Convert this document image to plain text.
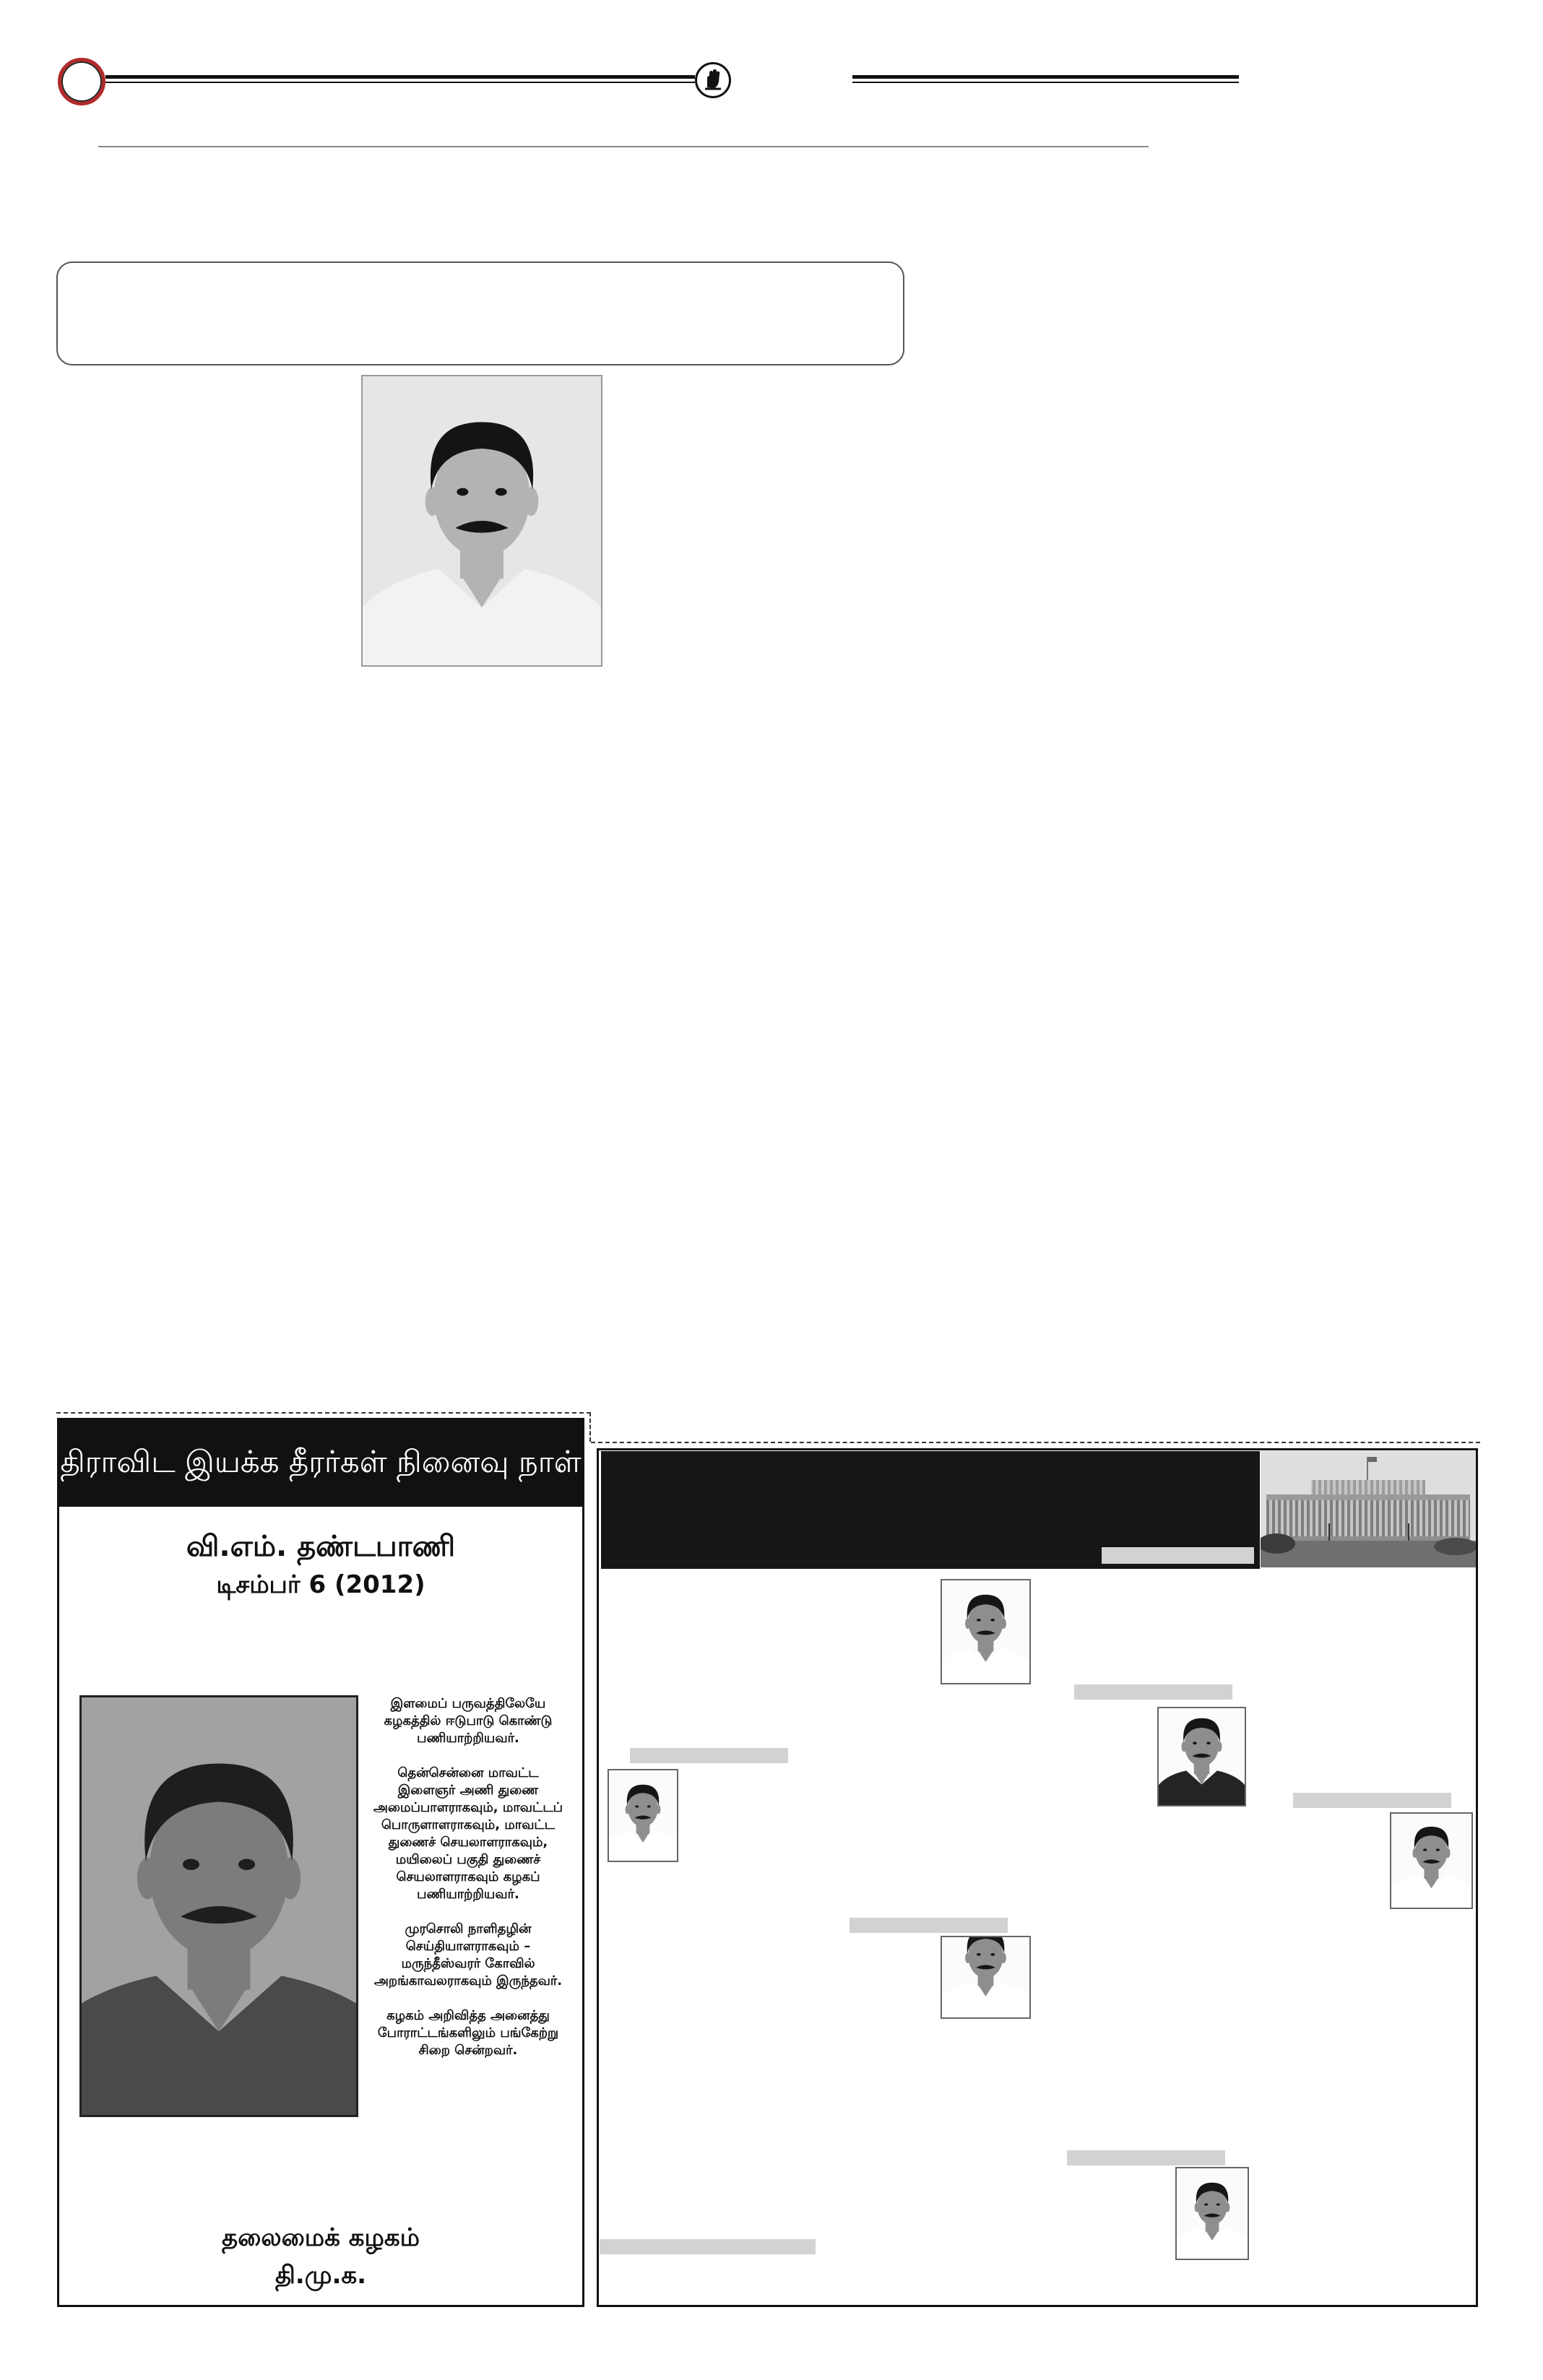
திராவிட இயக்க தீரர்கள் நினைவு நாள்
வி.எம். தண்டபாணி
டிசம்பர் 6 (2012)

இளமைப் பருவத்திலேயே
கழகத்தில் ஈடுபாடு கொண்டு
பணியாற்றியவர்.

தென்சென்னை மாவட்ட
இளைஞர் அணி துணை
அமைப்பாளராகவும், மாவட்டப்
பொருளாளராகவும், மாவட்ட
துணைச் செயலாளராகவும்,
மயிலைப் பகுதி துணைச்
செயலாளராகவும் கழகப்
பணியாற்றியவர்.

முரசொலி நாளிதழின்
செய்தியாளராகவும் –
மருந்தீஸ்வரர் கோவில்
அறங்காவலராகவும் இருந்தவர்.

கழகம் அறிவித்த அனைத்து
போராட்டங்களிலும் பங்கேற்று
சிறை சென்றவர்.

தலைமைக் கழகம்
தி.மு.க.
